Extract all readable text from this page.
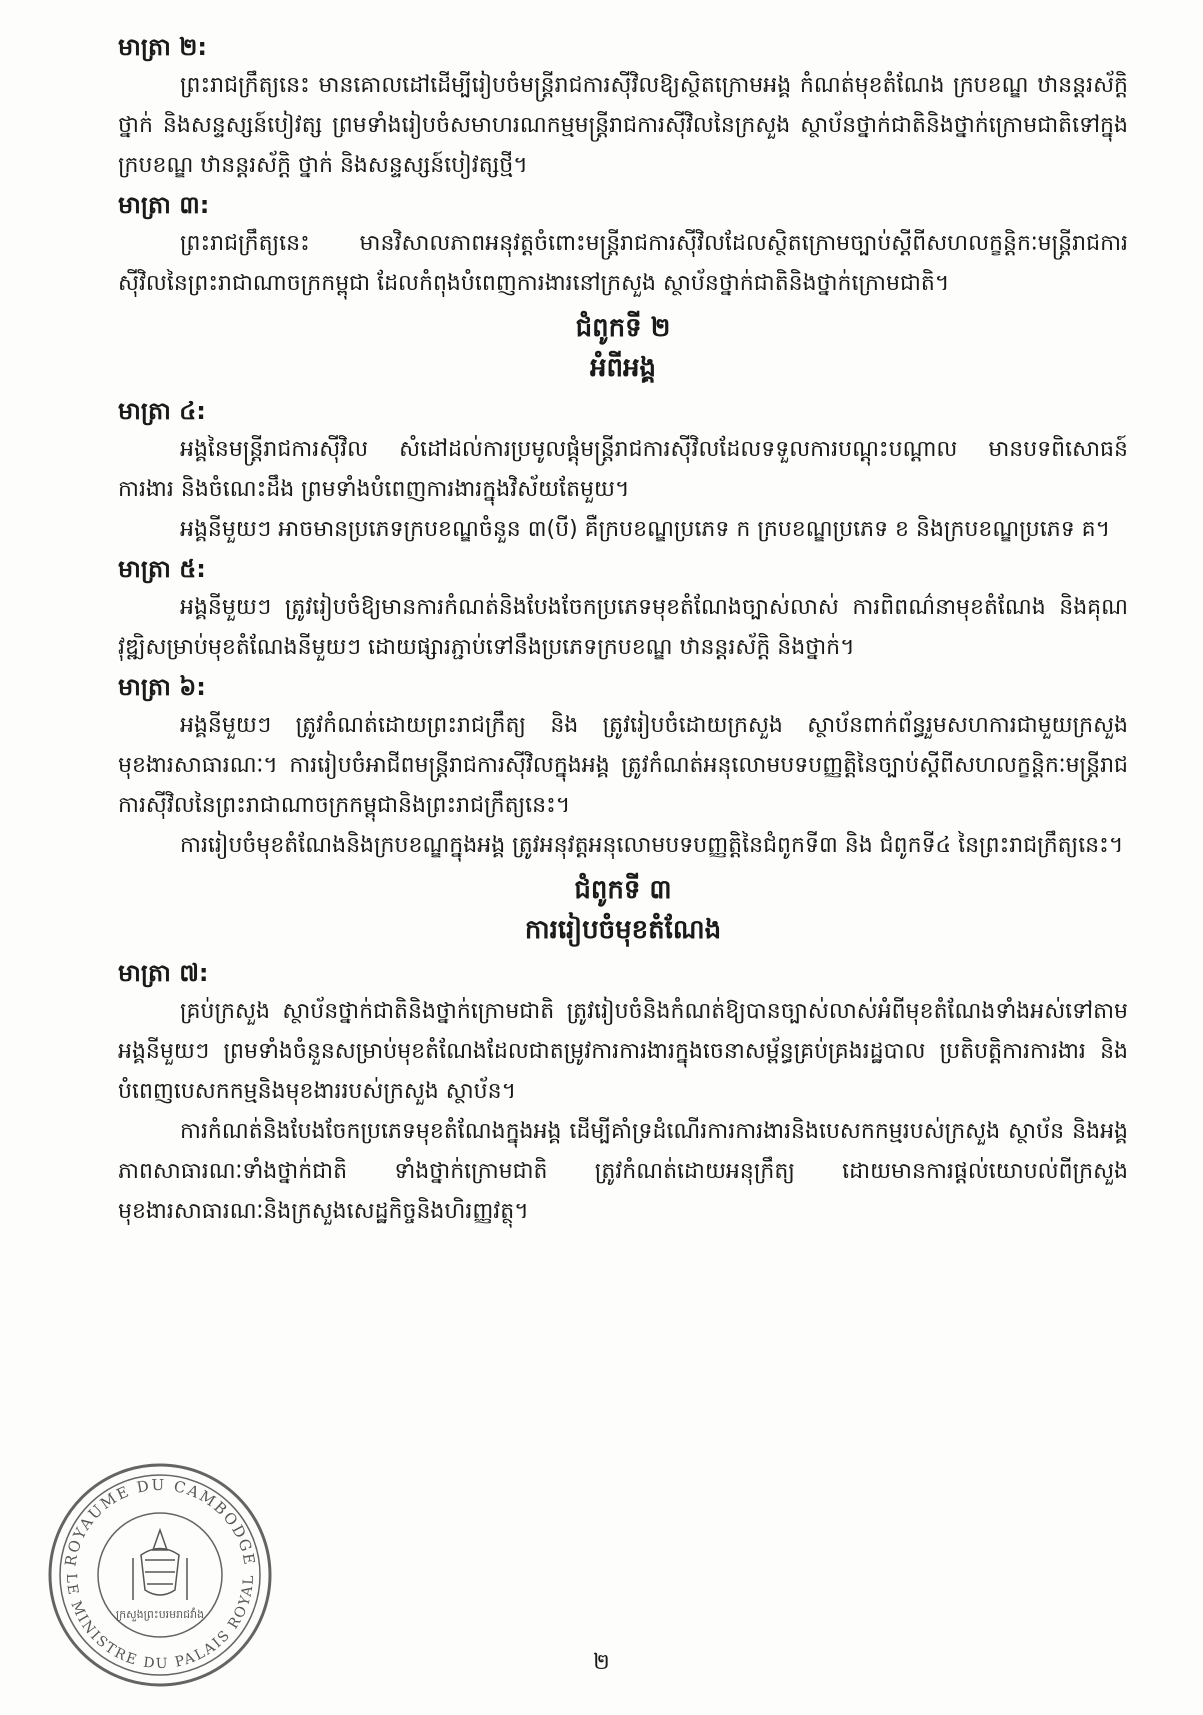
មាត្រា ២:

ព្រះរាជក្រឹត្យនេះ មានគោលដៅដើម្បីរៀបចំមន្ត្រីរាជការស៊ីវិលឱ្យស្ថិតក្រោមអង្គ កំណត់មុខតំណែង ក្របខណ្ឌ ឋានន្តរស័ក្តិ ថ្នាក់ និងសន្ទស្សន៍បៀវត្ស ព្រមទាំងរៀបចំសមាហរណកម្មមន្ត្រីរាជការស៊ីវិលនៃក្រសួង ស្ថាប័នថ្នាក់ជាតិនិងថ្នាក់ក្រោមជាតិទៅក្នុងក្របខណ្ឌ ឋានន្តរស័ក្តិ ថ្នាក់ និងសន្ទស្សន៍បៀវត្សថ្មី។

មាត្រា ៣:

ព្រះរាជក្រឹត្យនេះ មានវិសាលភាពអនុវត្តចំពោះមន្ត្រីរាជការស៊ីវិលដែលស្ថិតក្រោមច្បាប់ស្តីពីសហលក្ខន្តិកៈមន្ត្រីរាជការស៊ីវិលនៃព្រះរាជាណាចក្រកម្ពុជា ដែលកំពុងបំពេញការងារនៅក្រសួង ស្ថាប័នថ្នាក់ជាតិនិងថ្នាក់ក្រោមជាតិ។

ជំពូកទី ២

អំពីអង្គ

មាត្រា ៤:

អង្គនៃមន្ត្រីរាជការស៊ីវិល សំដៅដល់ការប្រមូលផ្តុំមន្ត្រីរាជការស៊ីវិលដែលទទួលការបណ្តុះបណ្តាល មានបទពិសោធន៍ការងារ និងចំណេះដឹង ព្រមទាំងបំពេញការងារក្នុងវិស័យតែមួយ។

អង្គនីមួយៗ អាចមានប្រភេទក្របខណ្ឌចំនួន ៣(បី) គឺក្របខណ្ឌប្រភេទ ក ក្របខណ្ឌប្រភេទ ខ និងក្របខណ្ឌប្រភេទ គ។

មាត្រា ៥:

អង្គនីមួយៗ ត្រូវរៀបចំឱ្យមានការកំណត់និងបែងចែកប្រភេទមុខតំណែងច្បាស់លាស់ ការពិពណ៌នាមុខតំណែង និងគុណវុឌ្ឍិសម្រាប់មុខតំណែងនីមួយៗ ដោយផ្សារភ្ជាប់ទៅនឹងប្រភេទក្របខណ្ឌ ឋានន្តរស័ក្តិ និងថ្នាក់។

មាត្រា ៦:

អង្គនីមួយៗ ត្រូវកំណត់ដោយព្រះរាជក្រឹត្យ និង ត្រូវរៀបចំដោយក្រសួង ស្ថាប័នពាក់ព័ន្ធរួមសហការជាមួយក្រសួងមុខងារសាធារណៈ។ ការរៀបចំអាជីពមន្ត្រីរាជការស៊ីវិលក្នុងអង្គ ត្រូវកំណត់អនុលោមបទបញ្ញត្តិនៃច្បាប់ស្តីពីសហលក្ខន្តិកៈមន្ត្រីរាជការស៊ីវិលនៃព្រះរាជាណាចក្រកម្ពុជានិងព្រះរាជក្រឹត្យនេះ។

ការរៀបចំមុខតំណែងនិងក្របខណ្ឌក្នុងអង្គ ត្រូវអនុវត្តអនុលោមបទបញ្ញត្តិនៃជំពូកទី៣ និង ជំពូកទី៤ នៃព្រះរាជក្រឹត្យនេះ។

ជំពូកទី ៣

ការរៀបចំមុខតំណែង

មាត្រា ៧:

គ្រប់ក្រសួង ស្ថាប័នថ្នាក់ជាតិនិងថ្នាក់ក្រោមជាតិ ត្រូវរៀបចំនិងកំណត់ឱ្យបានច្បាស់លាស់អំពីមុខតំណែងទាំងអស់ទៅតាមអង្គនីមួយៗ ព្រមទាំងចំនួនសម្រាប់មុខតំណែងដែលជាតម្រូវការការងារក្នុងចេនាសម្ព័ន្ធគ្រប់គ្រងរដ្ឋបាល ប្រតិបត្តិការការងារ និងបំពេញបេសកកម្មនិងមុខងាររបស់ក្រសួង ស្ថាប័ន។

ការកំណត់និងបែងចែកប្រភេទមុខតំណែងក្នុងអង្គ ដើម្បីគាំទ្រដំណើរការការងារនិងបេសកកម្មរបស់ក្រសួង ស្ថាប័ន និងអង្គភាពសាធារណៈទាំងថ្នាក់ជាតិ ទាំងថ្នាក់ក្រោមជាតិ ត្រូវកំណត់ដោយអនុក្រឹត្យ ដោយមានការផ្តល់យោបល់ពីក្រសួងមុខងារសាធារណៈនិងក្រសួងសេដ្ឋកិច្ចនិងហិរញ្ញវត្ថុ។

ROYAUME DU CAMBODGE
LE MINISTRE DU PALAIS ROYAL
ក្រសួងព្រះបរមរាជវាំង
២
